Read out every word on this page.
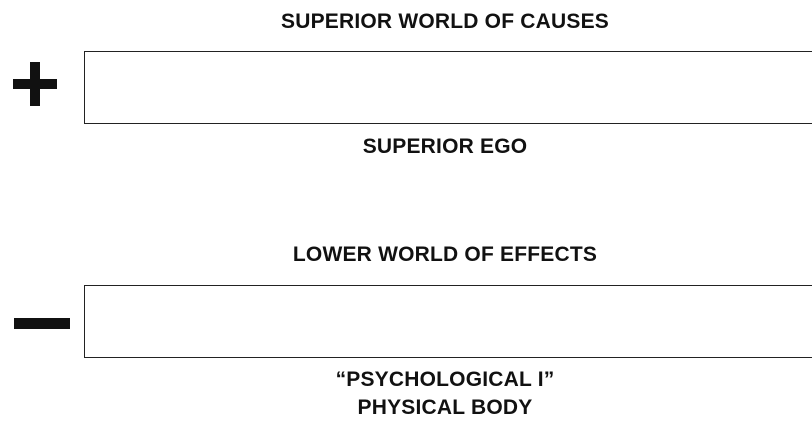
SUPERIOR WORLD OF CAUSES
SUPERIOR EGO
LOWER WORLD OF EFFECTS
“PSYCHOLOGICAL I”
PHYSICAL BODY
